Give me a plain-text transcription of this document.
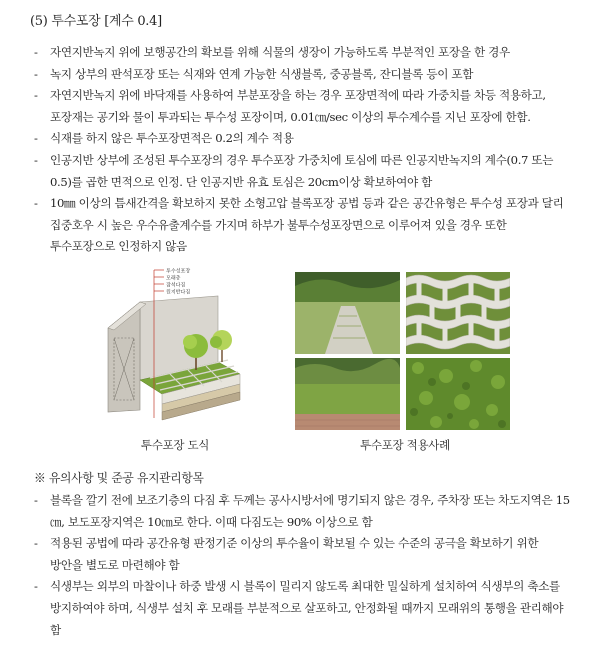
(5) 투수포장 [계수 0.4]
- 자연지반녹지 위에 보행공간의 확보를 위해 식물의 생장이 가능하도록 부분적인 포장을 한 경우
- 녹지 상부의 판석포장 또는 식재와 연계 가능한 식생블록, 중공블록, 잔디블록 등이 포함
- 자연지반녹지 위에 바닥재를 사용하여 부분포장을 하는 경우 포장면적에 따라 가중치를 차등 적용하고, 포장재는 공기와 물이 투과되는 투수성 포장이며, 0.01㎝/sec 이상의 투수계수를 지닌 포장에 한함.
- 식재를 하지 않은 투수포장면적은 0.2의 계수 적용
- 인공지반 상부에 조성된 투수포장의 경우 투수포장 가중치에 토심에 따른 인공지반녹지의 계수(0.7 또는 0.5)를 곱한 면적으로 인정. 단 인공지반 유효 토심은 20cm이상 확보하여야 함
- 10㎜ 이상의 틈새간격을 확보하지 못한 소형고압 블록포장 공법 등과 같은 공간유형은 투수성 포장과 달리 집중호우 시 높은 우수유출계수를 가지며 하부가 불투수성포장면으로 이루어져 있을 경우 또한 투수포장으로 인정하지 않음
투수성포장
모래층
잡석다짐
원지반다짐
투수포장 도식	투수포장 적용사례
※ 유의사항 및 준공 유지관리항목
- 블록을 깔기 전에 보조기층의 다짐 후 두께는 공사시방서에 명기되지 않은 경우, 주차장 또는 차도지역은 15㎝, 보도포장지역은 10㎝로 한다. 이때 다짐도는 90% 이상으로 함
- 적용된 공법에 따라 공간유형 판정기준 이상의 투수율이 확보될 수 있는 수준의 공극을 확보하기 위한 방안을 별도로 마련해야 함
- 식생부는 외부의 마찰이나 하중 발생 시 블록이 밀리지 않도록 최대한 밀실하게 설치하여 식생부의 축소를 방지하여야 하며, 식생부 설치 후 모래를 부분적으로 살포하고, 안정화될 때까지 모래위의 통행을 관리해야 함
